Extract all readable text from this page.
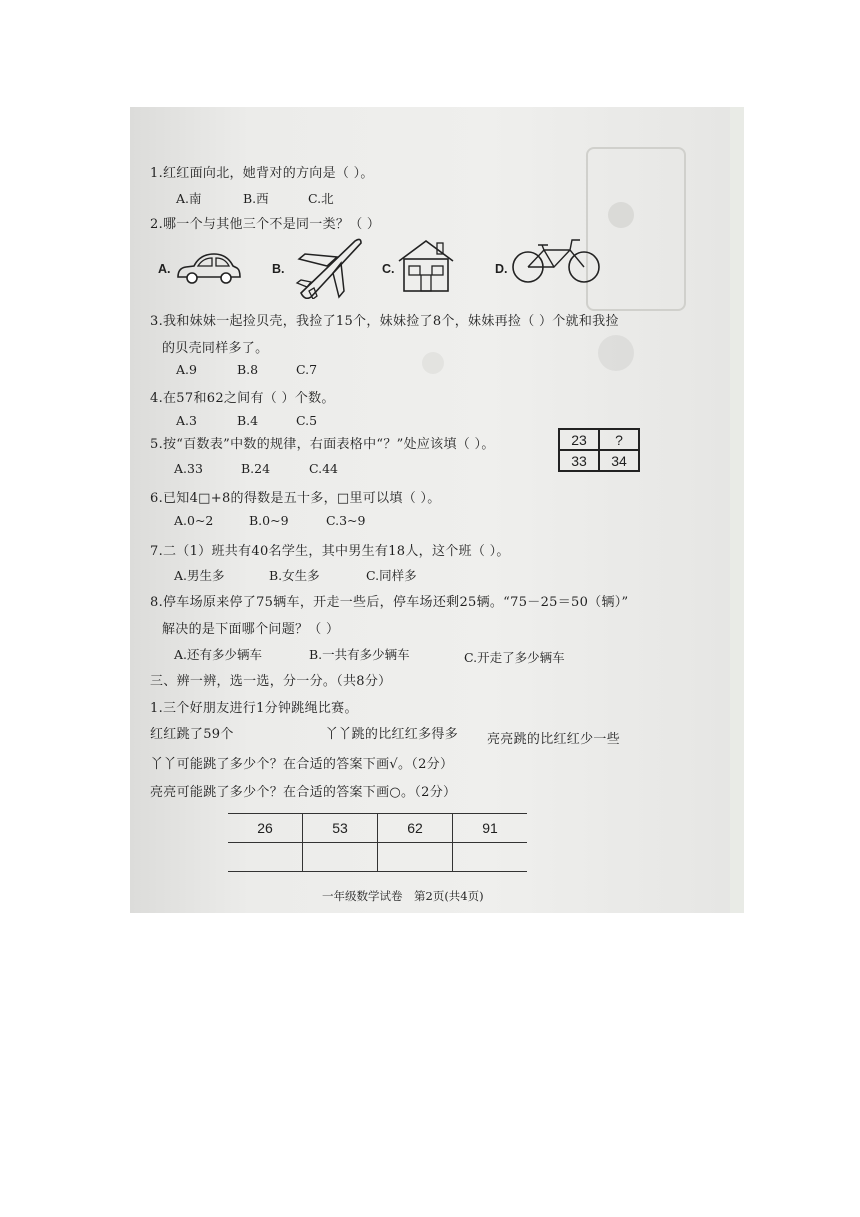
1.红红面向北，她背对的方向是（ ）。
A.南	B.西	C.北
2.哪一个与其他三个不是同一类？（ ）
A.	B.	C.	D.
3.我和妹妹一起捡贝壳，我捡了15个，妹妹捡了8个，妹妹再捡（ ）个就和我捡
的贝壳同样多了。
A.9	B.8	C.7
4.在57和62之间有（ ）个数。
A.3	B.4	C.5
5.按“百数表”中数的规律，右面表格中“？”处应该填（ ）。	23	?
33	34
A.33	B.24	C.44
6.已知4□+8的得数是五十多，□里可以填（ ）。
A.0~2	B.0~9	C.3~9
7.二（1）班共有40名学生，其中男生有18人，这个班（ ）。
A.男生多	B.女生多	C.同样多
8.停车场原来停了75辆车，开走一些后，停车场还剩25辆。“75－25＝50（辆）”
解决的是下面哪个问题？（ ）
A.还有多少辆车	B.一共有多少辆车	C.开走了多少辆车
三、辨一辨，选一选，分一分。（共8分）
1.三个好朋友进行1分钟跳绳比赛。
红红跳了59个	丫丫跳的比红红多得多 亮亮跳的比红红少一些
丫丫可能跳了多少个？在合适的答案下画√。（2分）
亮亮可能跳了多少个？在合适的答案下画○。（2分）
26	53	62	91

一年级数学试卷　第2页(共4页)
